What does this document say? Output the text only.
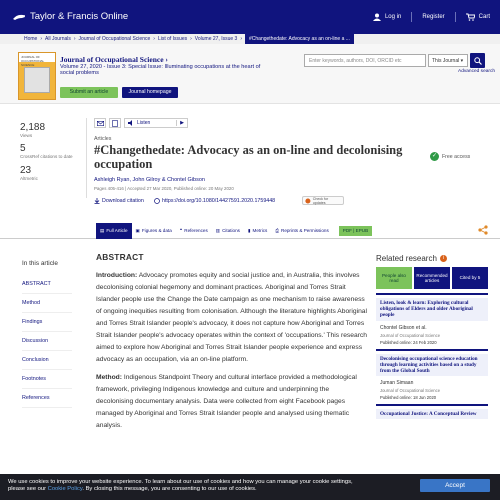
Taylor & Francis Online	Log in	Register	Cart
Home › All Journals › Journal of Occupational Science › List of Issues › Volume 27, Issue 3 ›	#Changethedate: Advocacy as an on-line a ...
JOURNAL OF OCCUPATIONAL SCIENCE
Journal of Occupational Science ›
Volume 27, 2020 - Issue 3: Special Issue: Illuminating occupations at the heart of social problems
Submit an article	Journal homepage
Enter keywords, authors, DOI, ORCID etc	This Journal ▾
Advanced search
2,188
Views
5
CrossRef citations to date
23
Altmetric
Listen	▶
Articles
#Changethedate: Advocacy as an on-line and decolonising occupation
Ashleigh Ryan, John Gilroy & Chontel Gibson
Pages 405-416 | Accepted 27 Mar 2020, Published online: 20 May 2020
Download citation	https://doi.org/10.1080/14427591.2020.1759448	Check for updates
✓ Free access
▤ Full Article ▣ Figures & data ❝ References ▥ Citations ▮ Metrics ⎙ Reprints & Permissions	PDF | EPUB
In this article
ABSTRACT
Method
Findings
Discussion
Conclusion
Footnotes
References
ABSTRACT

Introduction: Advocacy promotes equity and social justice and, in Australia, this involves decolonising colonial hegemony and dominant practices. Aboriginal and Torres Strait Islander people use the Change the Date campaign as one mechanism to raise awareness of ongoing inequities resulting from colonisation. Although the literature highlights Aboriginal and Torres Strait Islander people's advocacy, it does not capture how Aboriginal and Torres Strait Islander people's advocacy operates within the context of 'occupations.' This research aimed to explore how Aboriginal and Torres Strait Islander people experience and express advocacy as an occupation, via an on-line platform.

Method: Indigenous Standpoint Theory and cultural interface provided a methodological framework, privileging Indigenous knowledge and culture and underpinning the decolonising documentary analysis. Data were collected from eight Facebook pages managed by Aboriginal and Torres Strait Islander people and analysed using thematic analysis.

Related research	i
People also read
Recommended articles
Cited by 5
Listen, look & learn: Exploring cultural obligations of Elders and older Aboriginal people
Chontel Gibson et al.
Journal of Occupational Science
Published online: 24 Feb 2020
Decolonising occupational science education through learning activities based on a study from the Global South
Juman Simaan
Journal of Occupational Science
Published online: 18 Jun 2020
Occupational Justice: A Conceptual Review
We use cookies to improve your website experience. To learn about our use of cookies and how you can manage your cookie settings,
please see our Cookie Policy. By closing this message, you are consenting to our use of cookies.	Accept
